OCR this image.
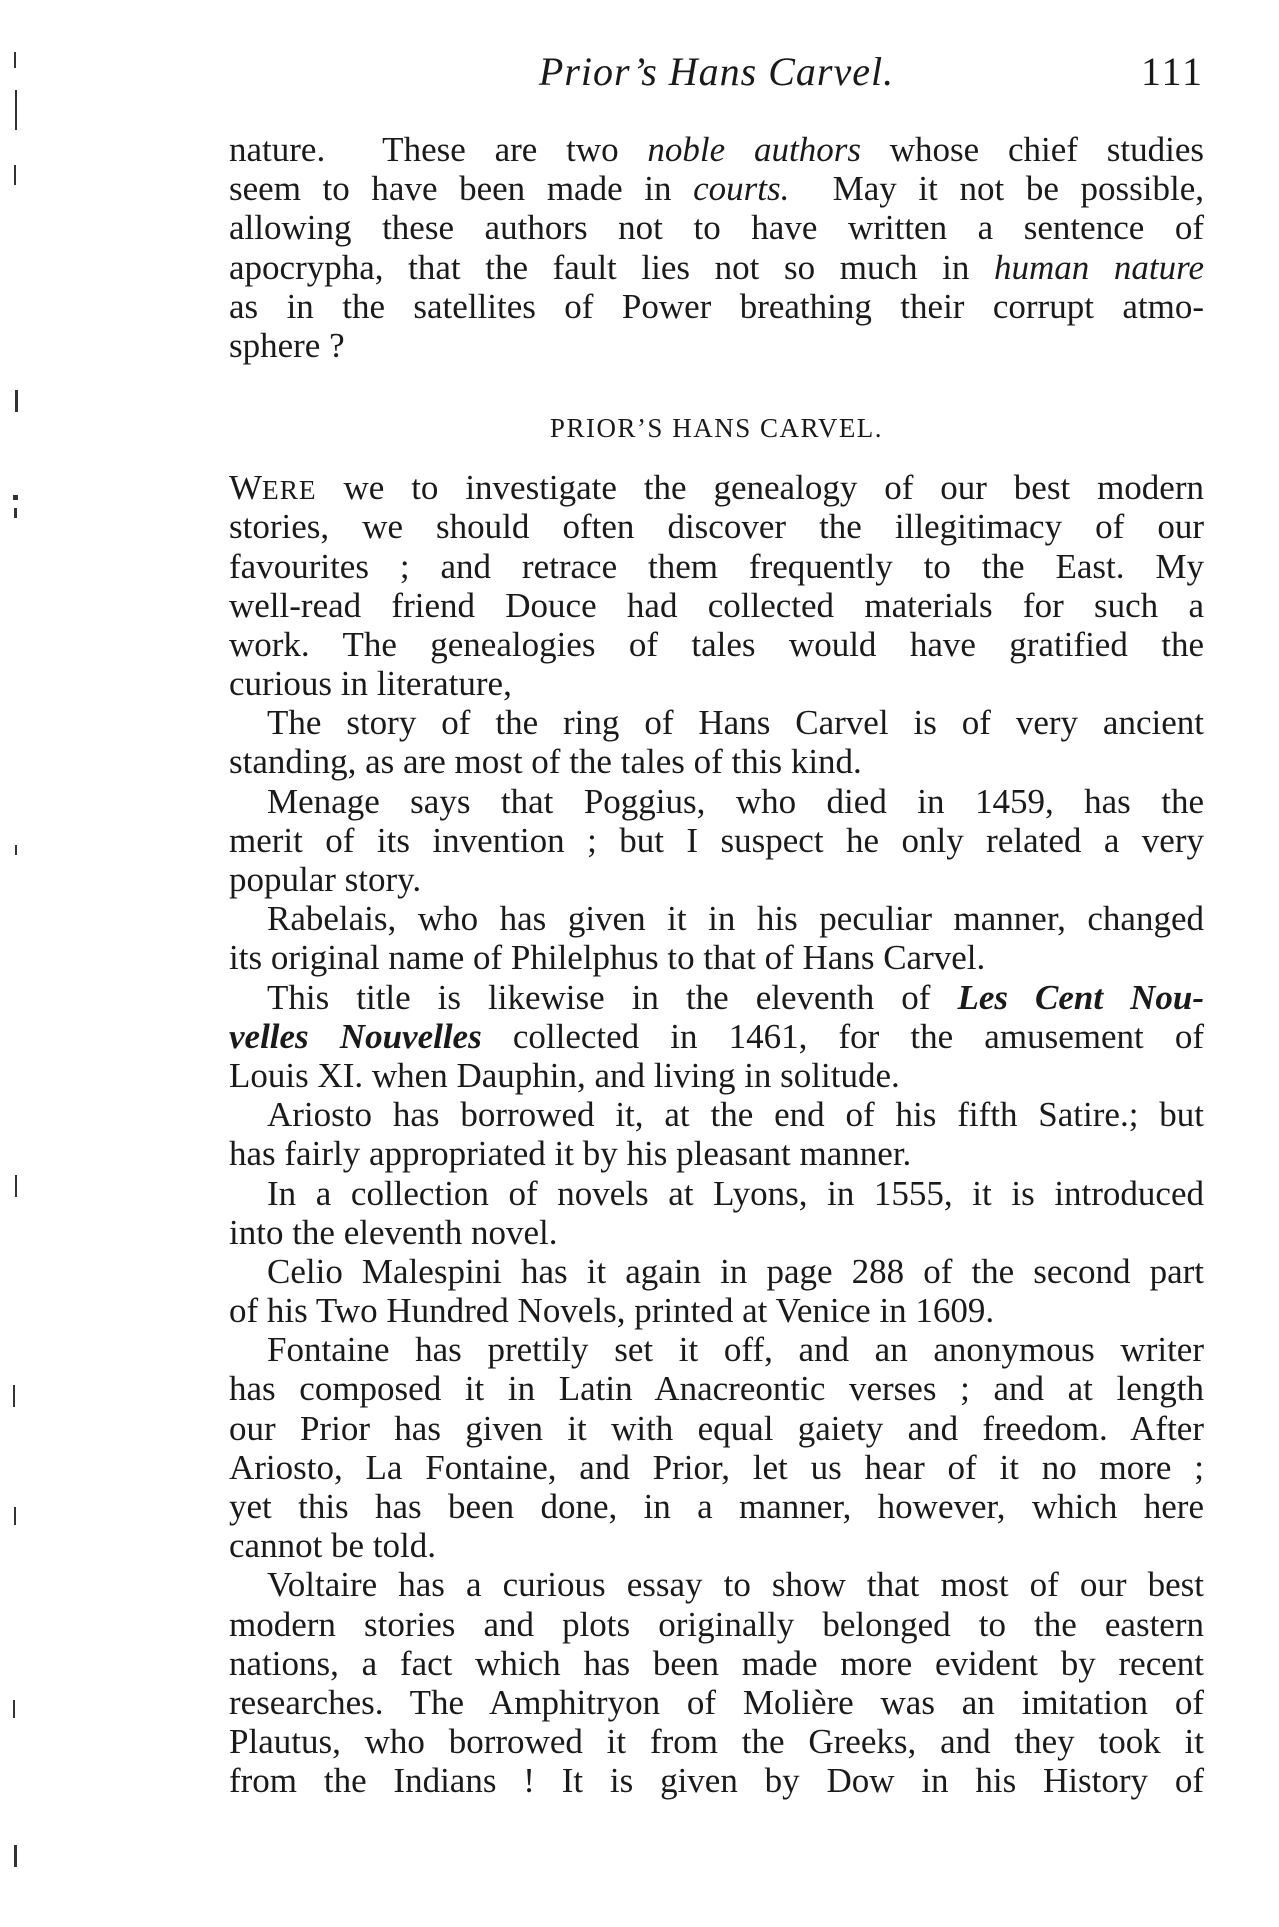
Prior’s Hans Carvel.	111
nature.  These are two noble authors whose chief studies
seem to have been made in courts.  May it not be possible,
allowing these authors not to have written a sentence of
apocrypha, that the fault lies not so much in human nature
as in the satellites of Power breathing their corrupt atmo-
sphere ?
PRIOR’S HANS CARVEL.
WERE we to investigate the genealogy of our best modern
stories, we should often discover the illegitimacy of our
favourites ; and retrace them frequently to the East. My
well-read friend Douce had collected materials for such a
work. The genealogies of tales would have gratified the
curious in literature,
The story of the ring of Hans Carvel is of very ancient
standing, as are most of the tales of this kind.
Menage says that Poggius, who died in 1459, has the
merit of its invention ; but I suspect he only related a very
popular story.
Rabelais, who has given it in his peculiar manner, changed
its original name of Philelphus to that of Hans Carvel.
This title is likewise in the eleventh of Les Cent Nou-
velles Nouvelles collected in 1461, for the amusement of
Louis XI. when Dauphin, and living in solitude.
Ariosto has borrowed it, at the end of his fifth Satire.; but
has fairly appropriated it by his pleasant manner.
In a collection of novels at Lyons, in 1555, it is introduced
into the eleventh novel.
Celio Malespini has it again in page 288 of the second part
of his Two Hundred Novels, printed at Venice in 1609.
Fontaine has prettily set it off, and an anonymous writer
has composed it in Latin Anacreontic verses ; and at length
our Prior has given it with equal gaiety and freedom. After
Ariosto, La Fontaine, and Prior, let us hear of it no more ;
yet this has been done, in a manner, however, which here
cannot be told.
Voltaire has a curious essay to show that most of our best
modern stories and plots originally belonged to the eastern
nations, a fact which has been made more evident by recent
researches. The Amphitryon of Molière was an imitation of
Plautus, who borrowed it from the Greeks, and they took it
from the Indians ! It is given by Dow in his History of
